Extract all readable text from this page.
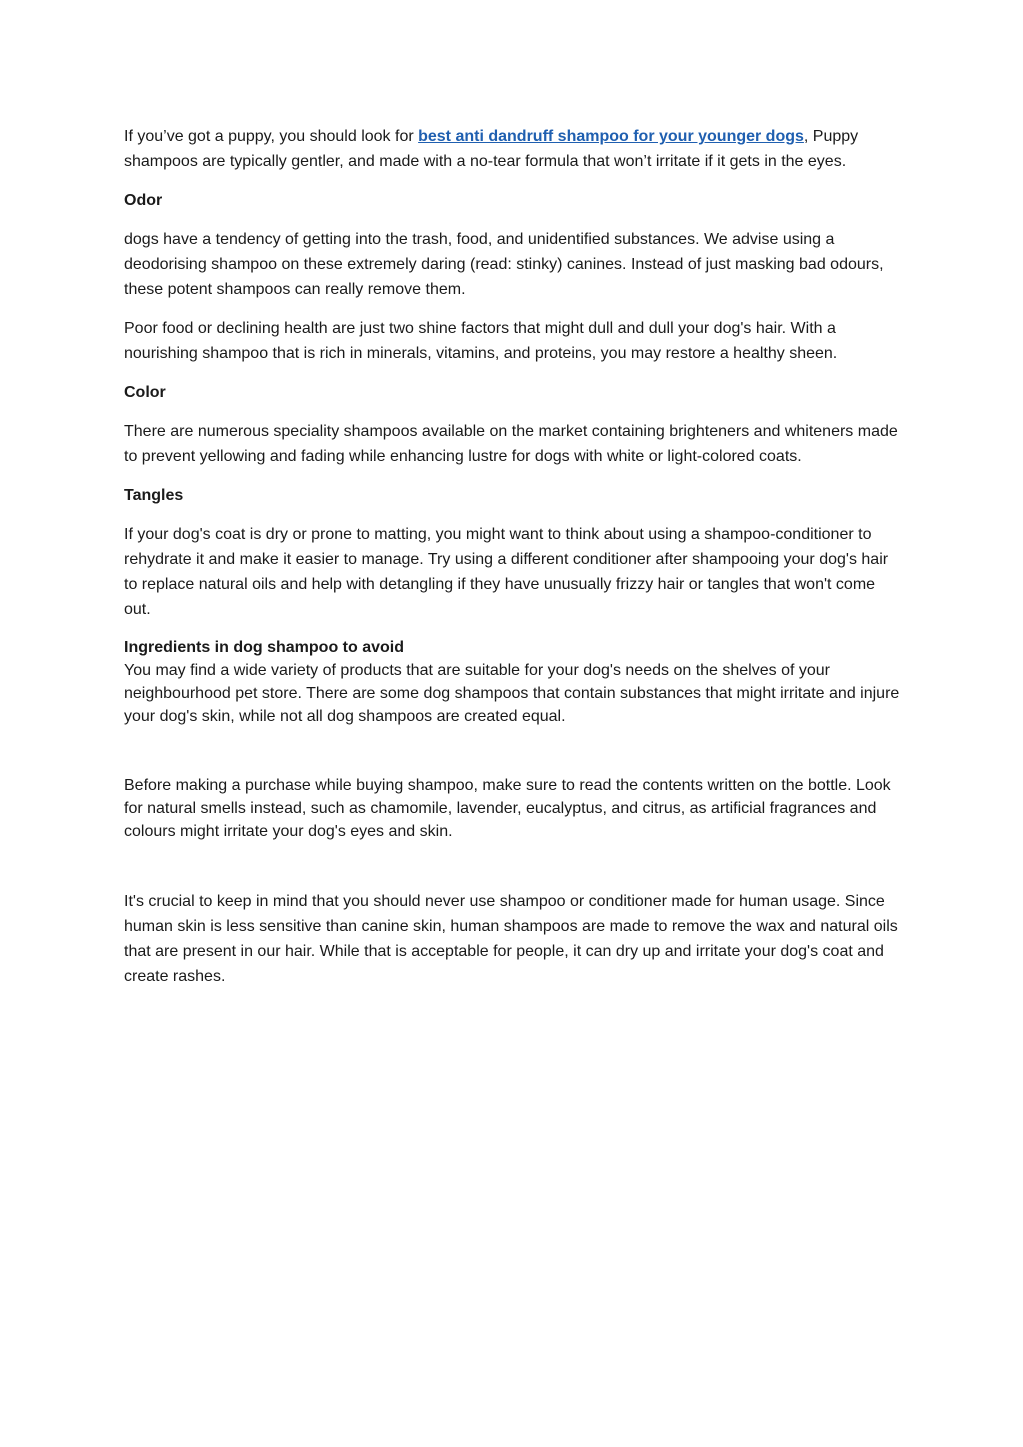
If you’ve got a puppy, you should look for best anti dandruff shampoo for your younger dogs, Puppy shampoos are typically gentler, and made with a no-tear formula that won’t irritate if it gets in the eyes.

Odor

dogs have a tendency of getting into the trash, food, and unidentified substances. We advise using a deodorising shampoo on these extremely daring (read: stinky) canines. Instead of just masking bad odours, these potent shampoos can really remove them.

Poor food or declining health are just two shine factors that might dull and dull your dog's hair. With a nourishing shampoo that is rich in minerals, vitamins, and proteins, you may restore a healthy sheen.

Color

There are numerous speciality shampoos available on the market containing brighteners and whiteners made to prevent yellowing and fading while enhancing lustre for dogs with white or light-colored coats.

Tangles

If your dog's coat is dry or prone to matting, you might want to think about using a shampoo-conditioner to rehydrate it and make it easier to manage. Try using a different conditioner after shampooing your dog's hair to replace natural oils and help with detangling if they have unusually frizzy hair or tangles that won't come out.

Ingredients in dog shampoo to avoid

You may find a wide variety of products that are suitable for your dog's needs on the shelves of your neighbourhood pet store. There are some dog shampoos that contain substances that might irritate and injure your dog's skin, while not all dog shampoos are created equal.

Before making a purchase while buying shampoo, make sure to read the contents written on the bottle. Look for natural smells instead, such as chamomile, lavender, eucalyptus, and citrus, as artificial fragrances and colours might irritate your dog's eyes and skin.

It's crucial to keep in mind that you should never use shampoo or conditioner made for human usage. Since human skin is less sensitive than canine skin, human shampoos are made to remove the wax and natural oils that are present in our hair. While that is acceptable for people, it can dry up and irritate your dog's coat and create rashes.
